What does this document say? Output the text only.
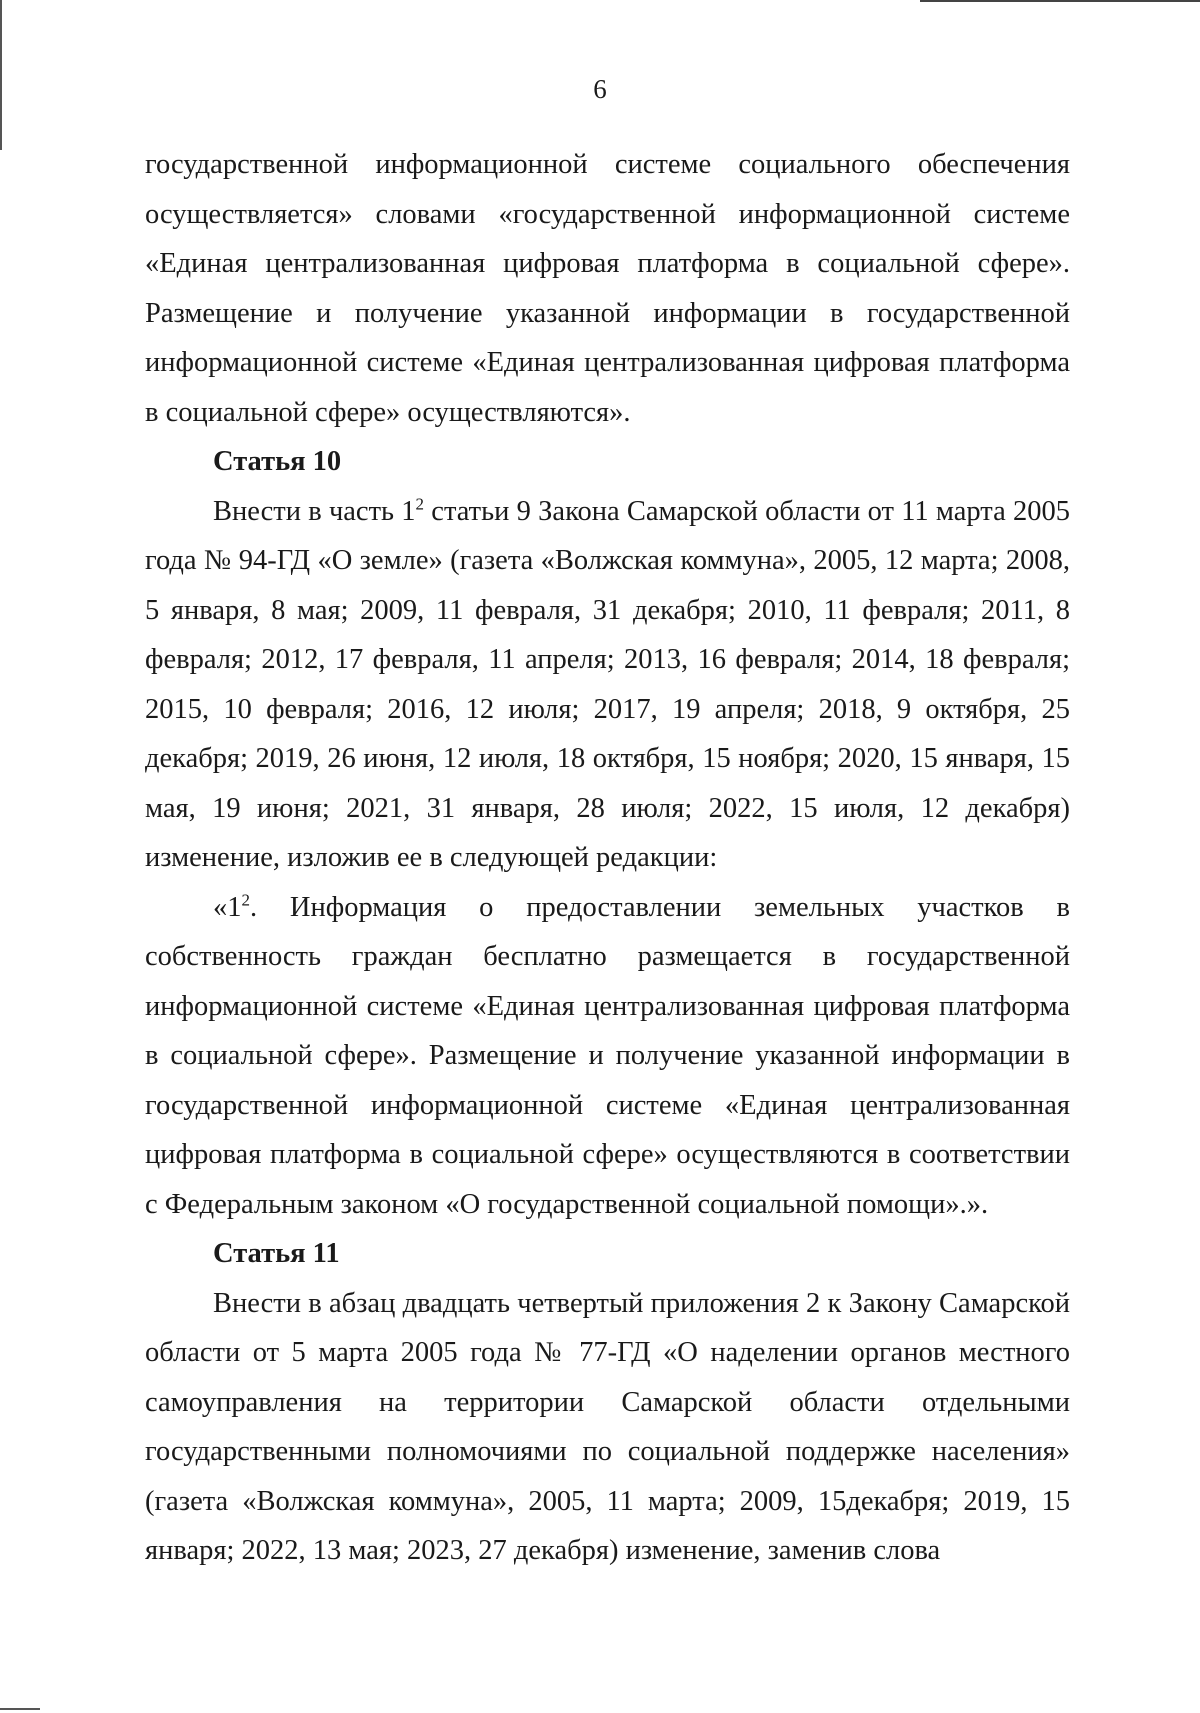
6

государственной информационной системе социального обеспечения осуществляется» словами «государственной информационной системе «Единая централизованная цифровая платформа в социальной сфере». Размещение и получение указанной информации в государственной информационной системе «Единая централизованная цифровая платформа в социальной сфере» осуществляются».

Статья 10

Внести в часть $1^2$ статьи 9 Закона Самарской области от 11 марта 2005 года № 94-ГД «О земле» (газета «Волжская коммуна», 2005, 12 марта; 2008, 5 января, 8 мая; 2009, 11 февраля, 31 декабря; 2010, 11 февраля; 2011, 8 февраля; 2012, 17 февраля, 11 апреля; 2013, 16 февраля; 2014, 18 февраля; 2015, 10 февраля; 2016, 12 июля; 2017, 19 апреля; 2018, 9 октября, 25 декабря; 2019, 26 июня, 12 июля, 18 октября, 15 ноября; 2020, 15 января, 15 мая, 19 июня; 2021, 31 января, 28 июля; 2022, 15 июля, 12 декабря) изменение, изложив ее в следующей редакции:

«$1^2$. Информация о предоставлении земельных участков в собственность граждан бесплатно размещается в государственной информационной системе «Единая централизованная цифровая платформа в социальной сфере». Размещение и получение указанной информации в государственной информационной системе «Единая централизованная цифровая платформа в социальной сфере» осуществляются в соответствии с Федеральным законом «О государственной социальной помощи».».

Статья 11

Внести в абзац двадцать четвертый приложения 2 к Закону Самарской области от 5 марта 2005 года № 77-ГД «О наделении органов местного самоуправления на территории Самарской области отдельными государственными полномочиями по социальной поддержке населения» (газета «Волжская коммуна», 2005, 11 марта; 2009, 15декабря; 2019, 15 января; 2022, 13 мая; 2023, 27 декабря) изменение, заменив слова
